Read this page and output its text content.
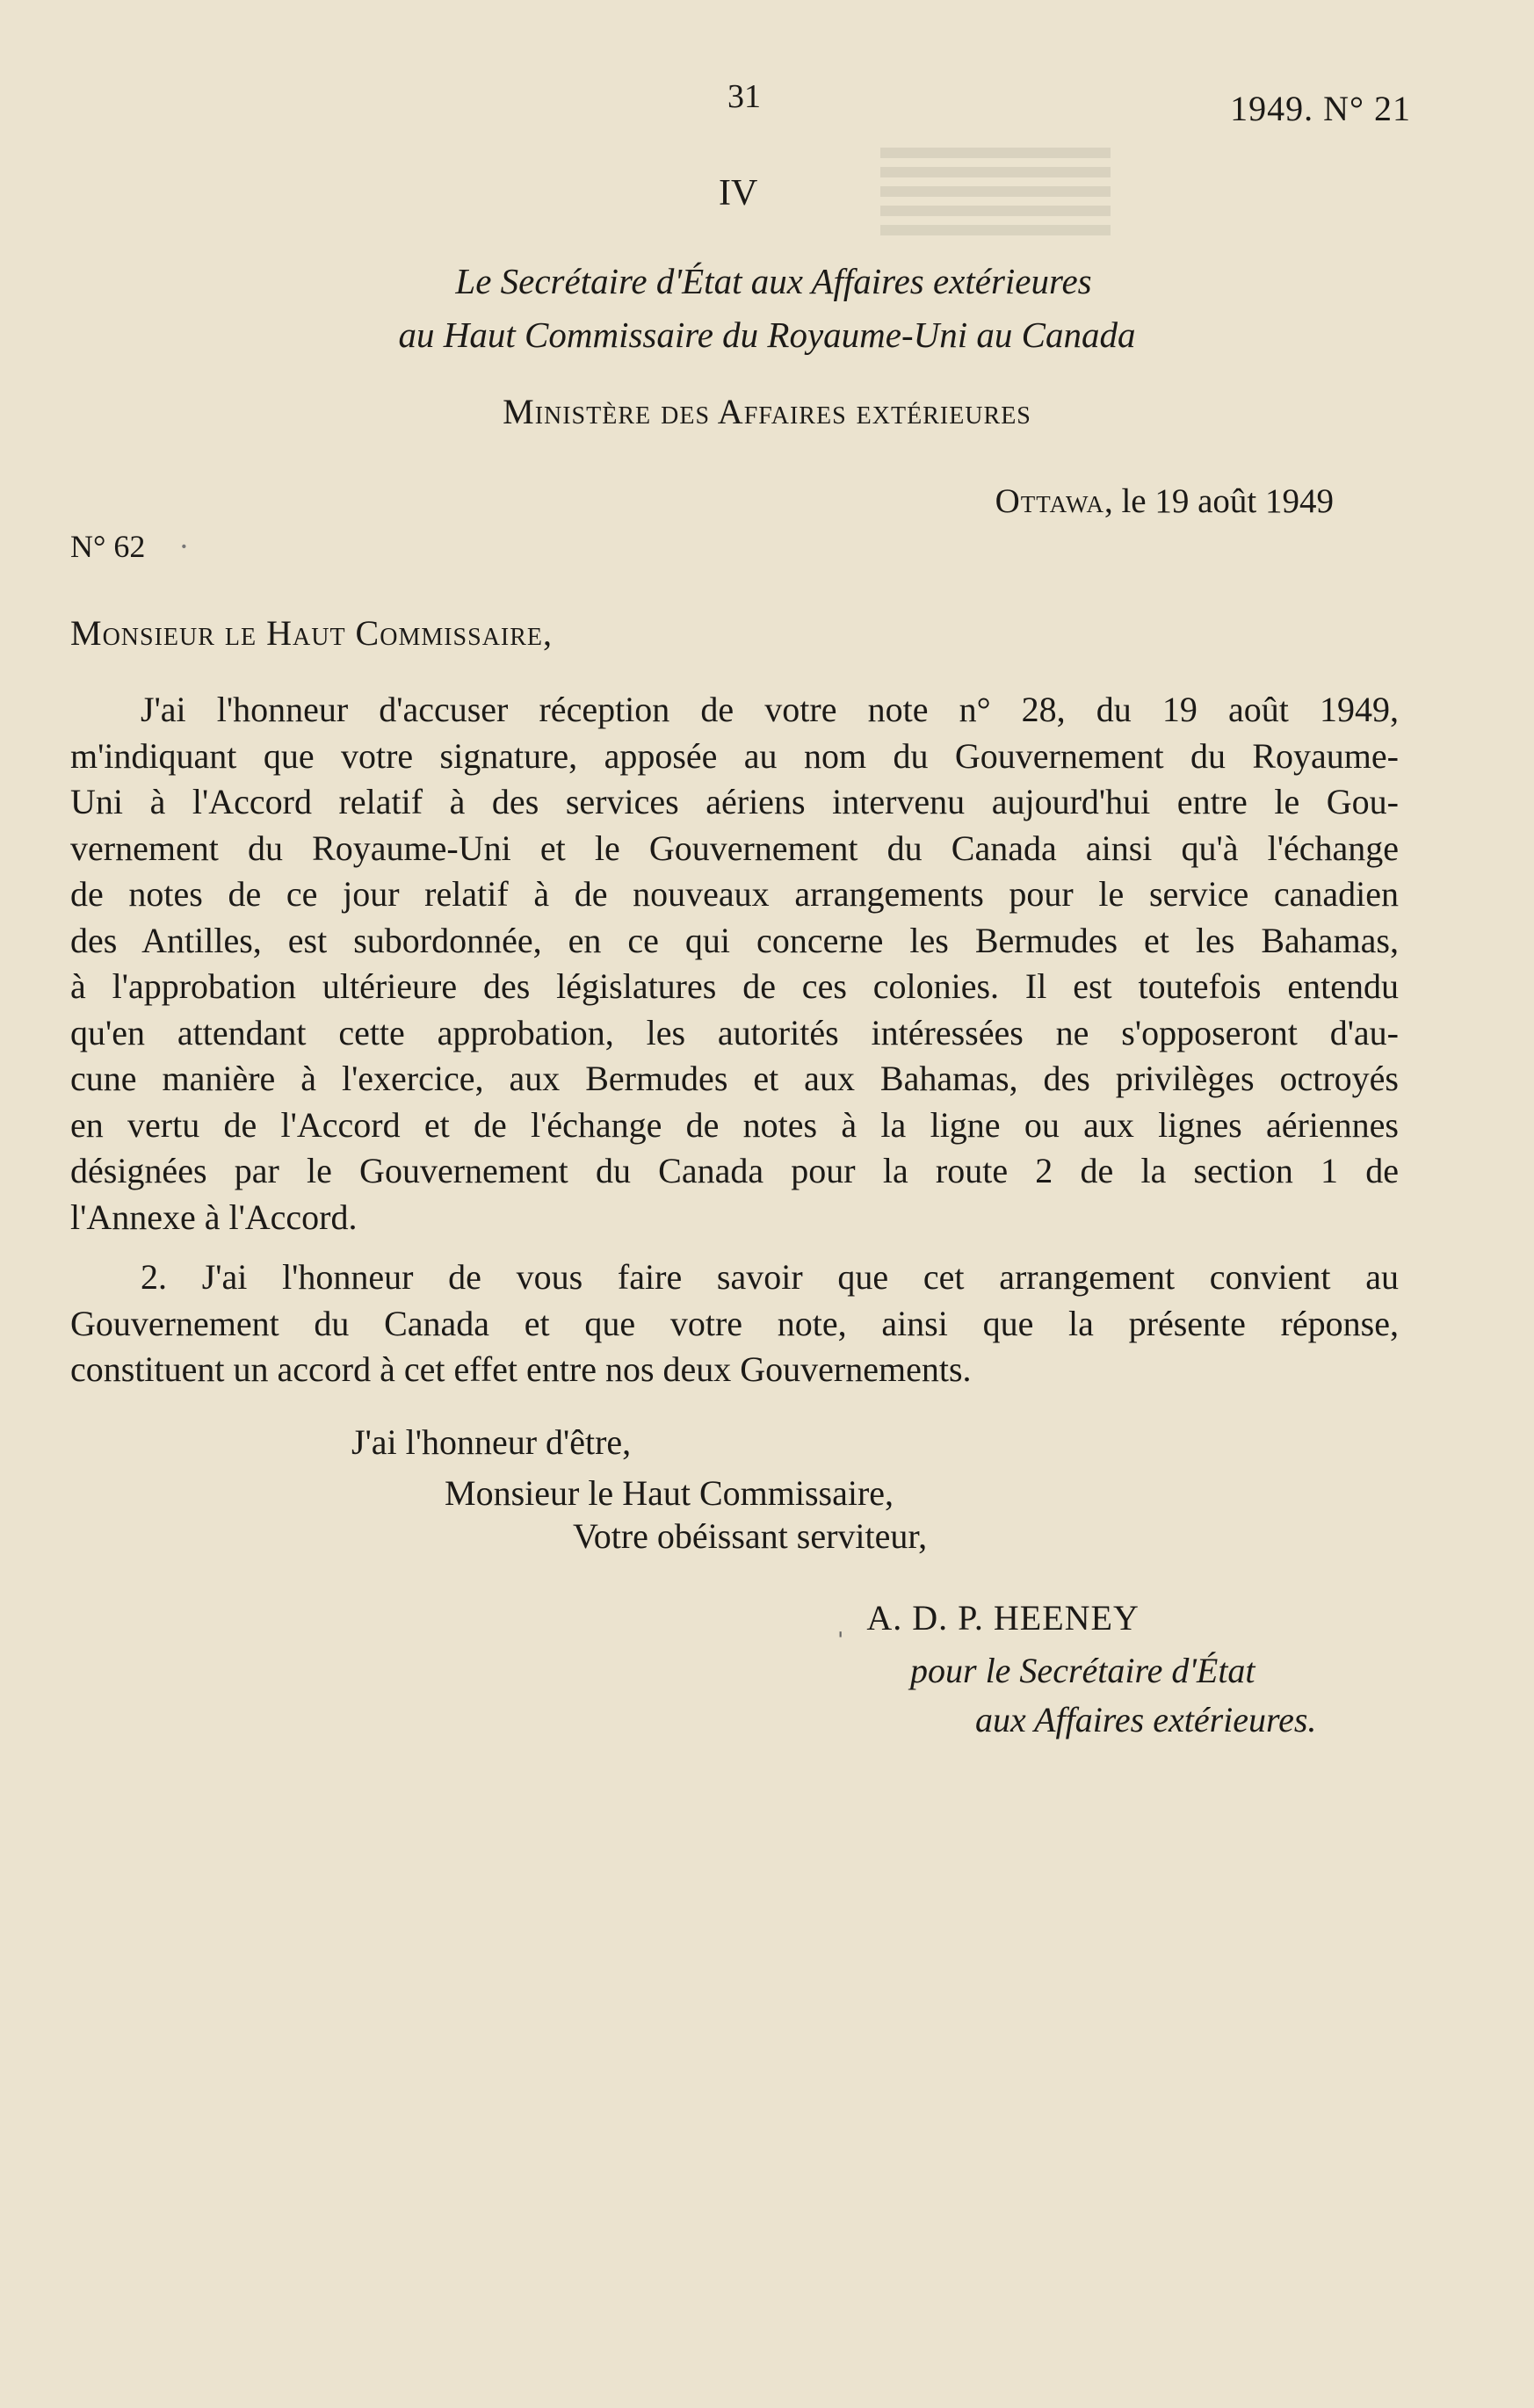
31	1949. N° 21
IV
Le Secrétaire d'État aux Affaires extérieures
au Haut Commissaire du Royaume-Uni au Canada
Ministère des Affaires extérieures
Ottawa, le 19 août 1949
N° 62 ·
Monsieur le Haut Commissaire,
J'ai l'honneur d'accuser réception de votre note n° 28, du 19 août 1949,
m'indiquant que votre signature, apposée au nom du Gouvernement du Royaume-
Uni à l'Accord relatif à des services aériens intervenu aujourd'hui entre le Gou-
vernement du Royaume-Uni et le Gouvernement du Canada ainsi qu'à l'échange
de notes de ce jour relatif à de nouveaux arrangements pour le service canadien
des Antilles, est subordonnée, en ce qui concerne les Bermudes et les Bahamas,
à l'approbation ultérieure des législatures de ces colonies. Il est toutefois entendu
qu'en attendant cette approbation, les autorités intéressées ne s'opposeront d'au-
cune manière à l'exercice, aux Bermudes et aux Bahamas, des privilèges octroyés
en vertu de l'Accord et de l'échange de notes à la ligne ou aux lignes aériennes
désignées par le Gouvernement du Canada pour la route 2 de la section 1 de
l'Annexe à l'Accord.
2. J'ai l'honneur de vous faire savoir que cet arrangement convient au
Gouvernement du Canada et que votre note, ainsi que la présente réponse,
constituent un accord à cet effet entre nos deux Gouvernements.
J'ai l'honneur d'être,
Monsieur le Haut Commissaire,
Votre obéissant serviteur,
ˌ A. D. P. HEENEY
pour le Secrétaire d'État
aux Affaires extérieures.
